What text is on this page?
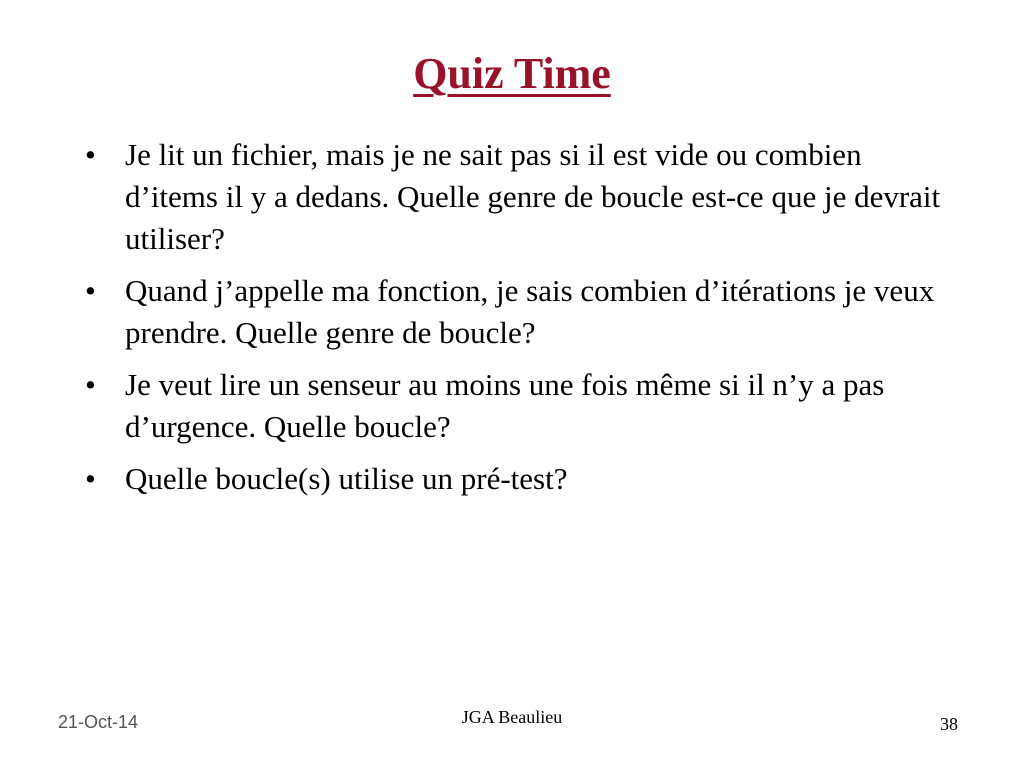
Quiz Time
• Je lit un fichier, mais je ne sait pas si il est vide ou combien d’items il y a dedans. Quelle genre de boucle est-ce que je devrait utiliser?
• Quand j’appelle ma fonction, je sais combien d’itérations je veux prendre. Quelle genre de boucle?
• Je veut lire un senseur au moins une fois même si il n’y a pas d’urgence. Quelle boucle?
• Quelle boucle(s) utilise un pré-test?
21-Oct-14	JGA Beaulieu	38
